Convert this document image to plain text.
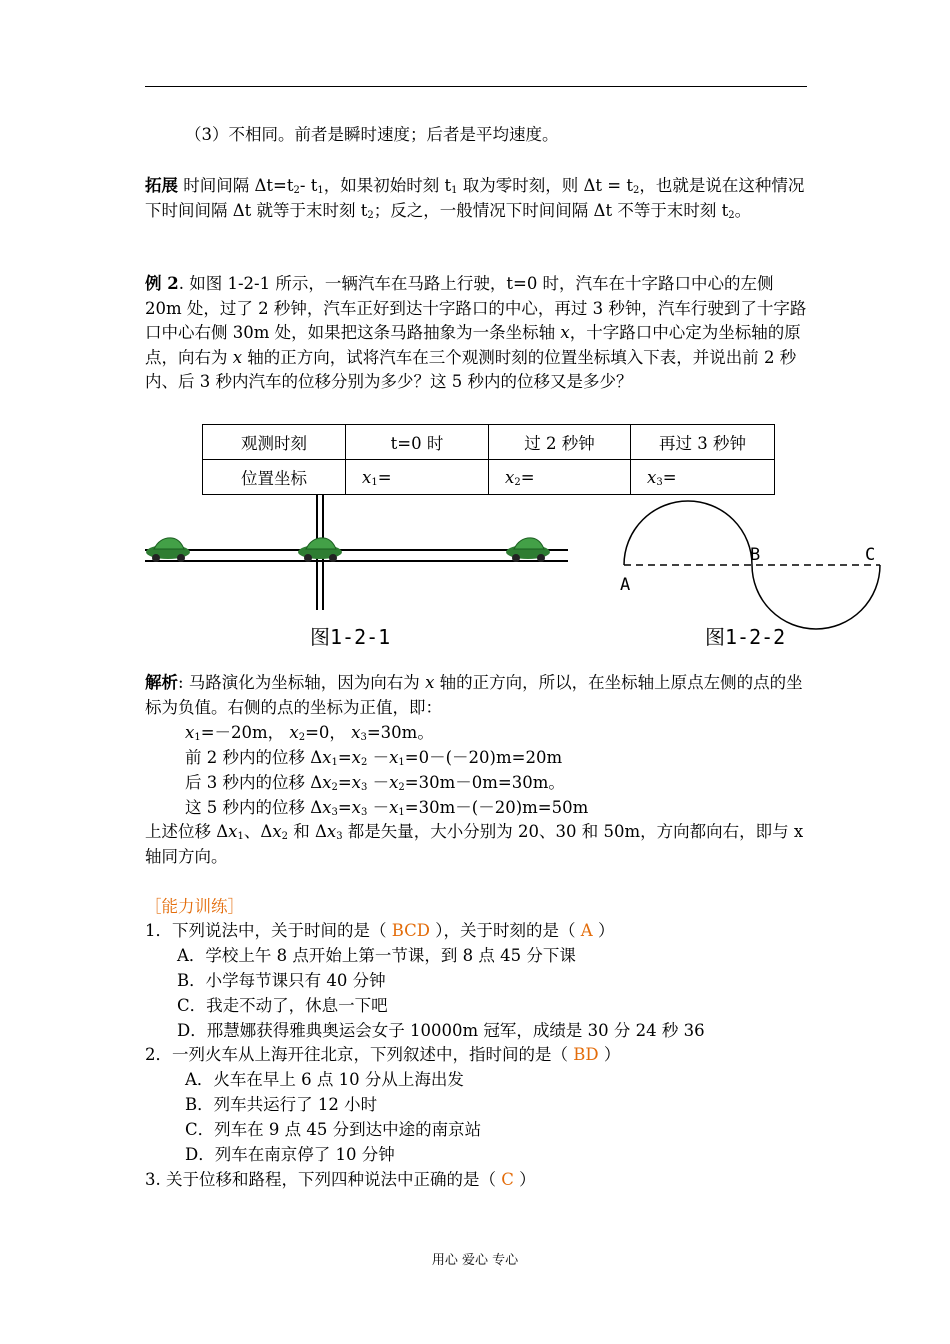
（3）不相同。前者是瞬时速度；后者是平均速度。
拓展 时间间隔 $\Delta t=t_2-$ $t_1$，如果初始时刻 $t_1$ 取为零时刻，则 $\Delta t = t_2$，也就是说在这种情况下时间间隔 Δt 就等于末时刻 $t_2$；反之，一般情况下时间间隔 Δt 不等于末时刻 $t_2$。
例 2. 如图 1-2-1 所示，一辆汽车在马路上行驶，t=0 时，汽车在十字路口中心的左侧 20m 处，过了 2 秒钟，汽车正好到达十字路口的中心，再过 3 秒钟，汽车行驶到了十字路口中心右侧 30m 处，如果把这条马路抽象为一条坐标轴 x，十字路口中心定为坐标轴的原点，向右为 x 轴的正方向，试将汽车在三个观测时刻的位置坐标填入下表，并说出前 2 秒内、后 3 秒内汽车的位移分别为多少？这 5 秒内的位移又是多少？
观测时刻	t=0 时	过 2 秒钟	再过 3 秒钟
位置坐标	$x_1=$	$x_2=$	$x_3=$
图1-2-1
A
B	C
图1-2-2
解析: 马路演化为坐标轴，因为向右为 x 轴的正方向，所以，在坐标轴上原点左侧的点的坐标为负值。右侧的点的坐标为正值，即：
$x_1=-20m$， $x_2=0$， $x_3=30m$。
前 2 秒内的位移 $\Delta x_1=x_2 -x_1=0-(-20)m=20m$
后 3 秒内的位移 $\Delta x_2=x_3 -x_2=30m-0m=30m$。
这 5 秒内的位移 $\Delta x_3=x_3 -x_1=30m-(-20)m=50m$
上述位移 $\Delta x_1$、$\Delta x_2$ 和 $\Delta x_3$ 都是矢量，大小分别为 20、30 和 50m，方向都向右，即与 x 轴同方向。
［能力训练］
1．下列说法中，关于时间的是（ BCD ），关于时刻的是（ A ）
A．学校上午 8 点开始上第一节课，到 8 点 45 分下课
B．小学每节课只有 40 分钟
C．我走不动了，休息一下吧
D．邢慧娜获得雅典奥运会女子 10000m 冠军，成绩是 30 分 24 秒 36
2．一列火车从上海开往北京，下列叙述中，指时间的是（ BD ）
A．火车在早上 6 点 10 分从上海出发
B．列车共运行了 12 小时
C．列车在 9 点 45 分到达中途的南京站
D．列车在南京停了 10 分钟
3. 关于位移和路程，下列四种说法中正确的是（ C ）
用心 爱心 专心
